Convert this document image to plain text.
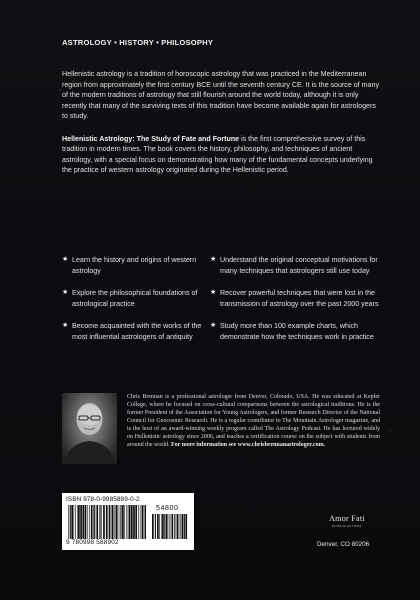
ASTROLOGY • HISTORY • PHILOSOPHY

Hellenistic astrology is a tradition of horoscopic astrology that was practiced in the Mediterranean region from approximately the first century BCE until the seventh century CE. It is the source of many of the modern traditions of astrology that still flourish around the world today, although it is only recently that many of the surviving texts of this tradition have become available again for astrologers to study.

Hellenistic Astrology: The Study of Fate and Fortune is the first comprehensive survey of this tradition in modern times. The book covers the history, philosophy, and techniques of ancient astrology, with a special focus on demonstrating how many of the fundamental concepts underlying the practice of western astrology originated during the Hellenistic period.

★ Learn the history and origins of western astrology
★ Explore the philosophical foundations of astrological practice
★ Become acquainted with the works of the most influential astrologers of antiquity
★ Understand the original conceptual motivations for many techniques that astrologers still use today
★ Recover powerful techniques that were lost in the transmission of astrology over the past 2000 years
★ Study more than 100 example charts, which demonstrate how the techniques work in practice
Chris Brennan is a professional astrologer from Denver, Colorado, USA. He was educated at Kepler College, where he focused on cross-cultural comparisons between the astrological traditions. He is the former President of the Association for Young Astrologers, and former Research Director of the National Council for Geocosmic Research. He is a regular contributor to The Mountain Astrologer magazine, and is the host of an award-winning weekly program called The Astrology Podcast. He has lectured widely on Hellenistic astrology since 2006, and teaches a certification course on the subject with students from around the world. For more information see www.chrisbrennanastrologer.com.
ISBN 978-0-9985889-0-2
54800
9 780998 588902
Amor Fati
PUBLICATIONS
Denver, CO 80206
